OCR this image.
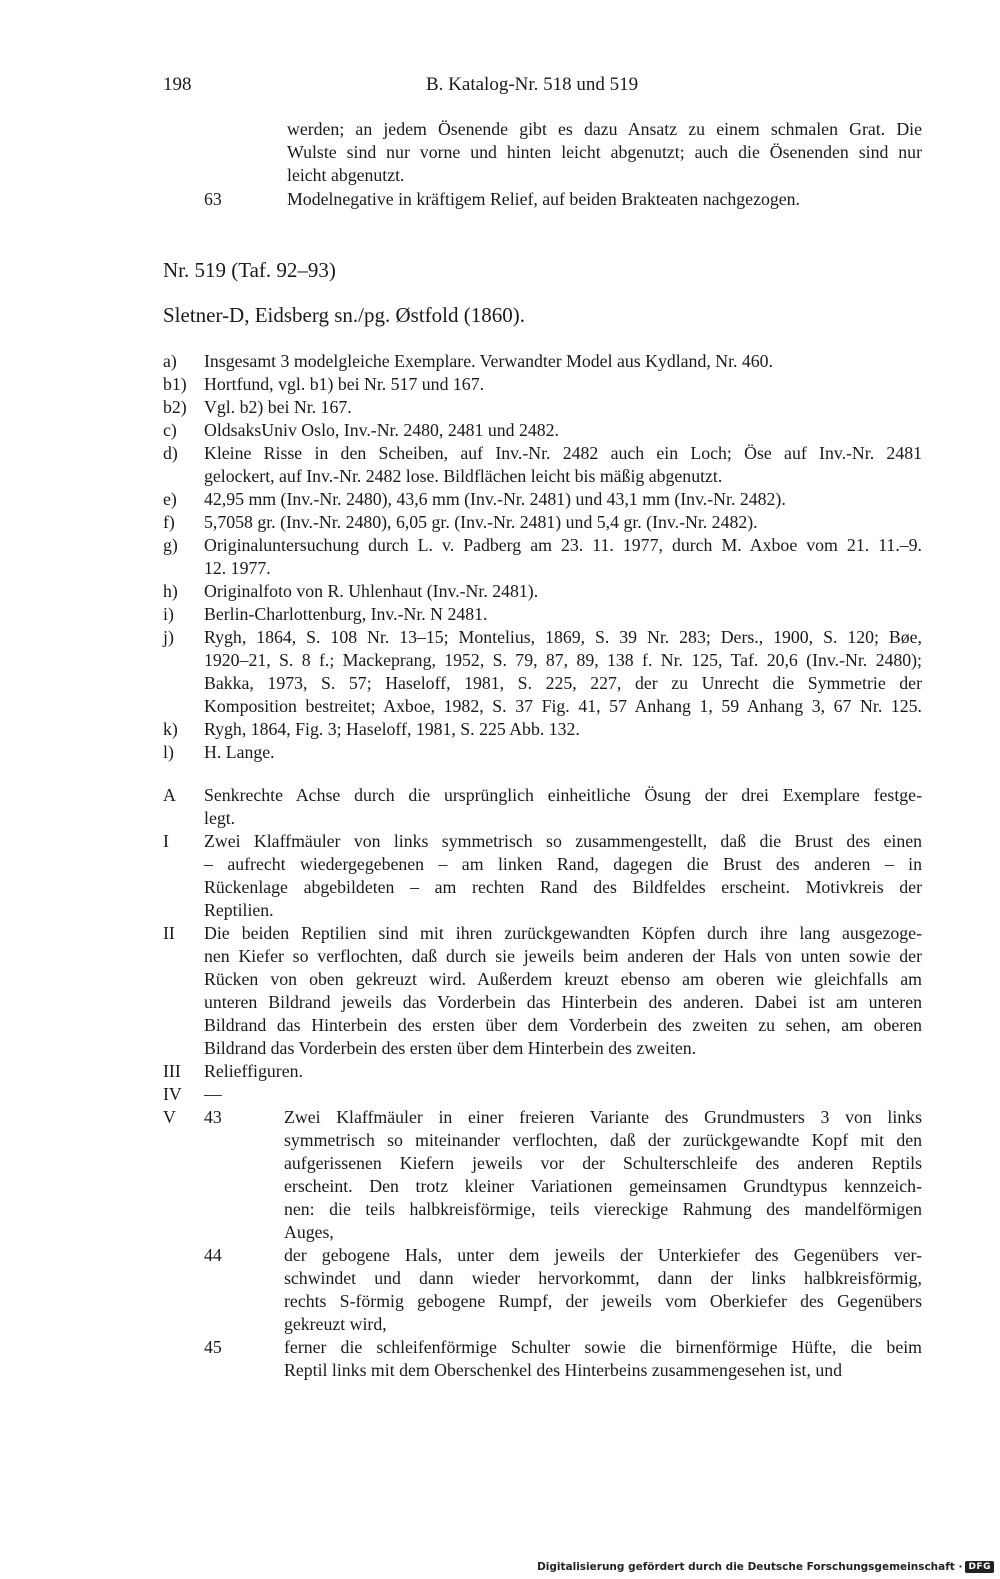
198	B. Katalog-Nr. 518 und 519
werden; an jedem Ösenende gibt es dazu Ansatz zu einem schmalen Grat. Die
Wulste sind nur vorne und hinten leicht abgenutzt; auch die Ösenenden sind nur
leicht abgenutzt.
63	Modelnegative in kräftigem Relief, auf beiden Brakteaten nachgezogen.
Nr. 519 (Taf. 92–93)
Sletner-D, Eidsberg sn./pg. Østfold (1860).
a) Insgesamt 3 modelgleiche Exemplare. Verwandter Model aus Kydland, Nr. 460.
b1) Hortfund, vgl. b1) bei Nr. 517 und 167.
b2) Vgl. b2) bei Nr. 167.
c) OldsaksUniv Oslo, Inv.-Nr. 2480, 2481 und 2482.
d) Kleine Risse in den Scheiben, auf Inv.-Nr. 2482 auch ein Loch; Öse auf Inv.-Nr. 2481
gelockert, auf Inv.-Nr. 2482 lose. Bildflächen leicht bis mäßig abgenutzt.
e) 42,95 mm (Inv.-Nr. 2480), 43,6 mm (Inv.-Nr. 2481) und 43,1 mm (Inv.-Nr. 2482).
f) 5,7058 gr. (Inv.-Nr. 2480), 6,05 gr. (Inv.-Nr. 2481) und 5,4 gr. (Inv.-Nr. 2482).
g) Originaluntersuchung durch L. v. Padberg am 23. 11. 1977, durch M. Axboe vom 21. 11.–9.
12. 1977.
h) Originalfoto von R. Uhlenhaut (Inv.-Nr. 2481).
i) Berlin-Charlottenburg, Inv.-Nr. N 2481.
j) Rygh, 1864, S. 108 Nr. 13–15; Montelius, 1869, S. 39 Nr. 283; Ders., 1900, S. 120; Bøe,
1920–21, S. 8 f.; Mackeprang, 1952, S. 79, 87, 89, 138 f. Nr. 125, Taf. 20,6 (Inv.-Nr. 2480);
Bakka, 1973, S. 57; Haseloff, 1981, S. 225, 227, der zu Unrecht die Symmetrie der
Komposition bestreitet; Axboe, 1982, S. 37 Fig. 41, 57 Anhang 1, 59 Anhang 3, 67 Nr. 125.
k) Rygh, 1864, Fig. 3; Haseloff, 1981, S. 225 Abb. 132.
l) H. Lange.
A Senkrechte Achse durch die ursprünglich einheitliche Ösung der drei Exemplare festge-
legt.
I Zwei Klaffmäuler von links symmetrisch so zusammengestellt, daß die Brust des einen
– aufrecht wiedergegebenen – am linken Rand, dagegen die Brust des anderen – in
Rückenlage abgebildeten – am rechten Rand des Bildfeldes erscheint. Motivkreis der
Reptilien.
II Die beiden Reptilien sind mit ihren zurückgewandten Köpfen durch ihre lang ausgezoge-
nen Kiefer so verflochten, daß durch sie jeweils beim anderen der Hals von unten sowie der
Rücken von oben gekreuzt wird. Außerdem kreuzt ebenso am oberen wie gleichfalls am
unteren Bildrand jeweils das Vorderbein das Hinterbein des anderen. Dabei ist am unteren
Bildrand das Hinterbein des ersten über dem Vorderbein des zweiten zu sehen, am oberen
Bildrand das Vorderbein des ersten über dem Hinterbein des zweiten.
III Relieffiguren.
IV —
V 43	Zwei Klaffmäuler in einer freieren Variante des Grundmusters 3 von links
symmetrisch so miteinander verflochten, daß der zurückgewandte Kopf mit den
aufgerissenen Kiefern jeweils vor der Schulterschleife des anderen Reptils
erscheint. Den trotz kleiner Variationen gemeinsamen Grundtypus kennzeich-
nen: die teils halbkreisförmige, teils viereckige Rahmung des mandelförmigen
Auges,
44	der gebogene Hals, unter dem jeweils der Unterkiefer des Gegenübers ver-
schwindet und dann wieder hervorkommt, dann der links halbkreisförmig,
rechts S-förmig gebogene Rumpf, der jeweils vom Oberkiefer des Gegenübers
gekreuzt wird,
45	ferner die schleifenförmige Schulter sowie die birnenförmige Hüfte, die beim
Reptil links mit dem Oberschenkel des Hinterbeins zusammengesehen ist, und
Digitalisierung gefördert durch die Deutsche Forschungsgemeinschaft · DFG
